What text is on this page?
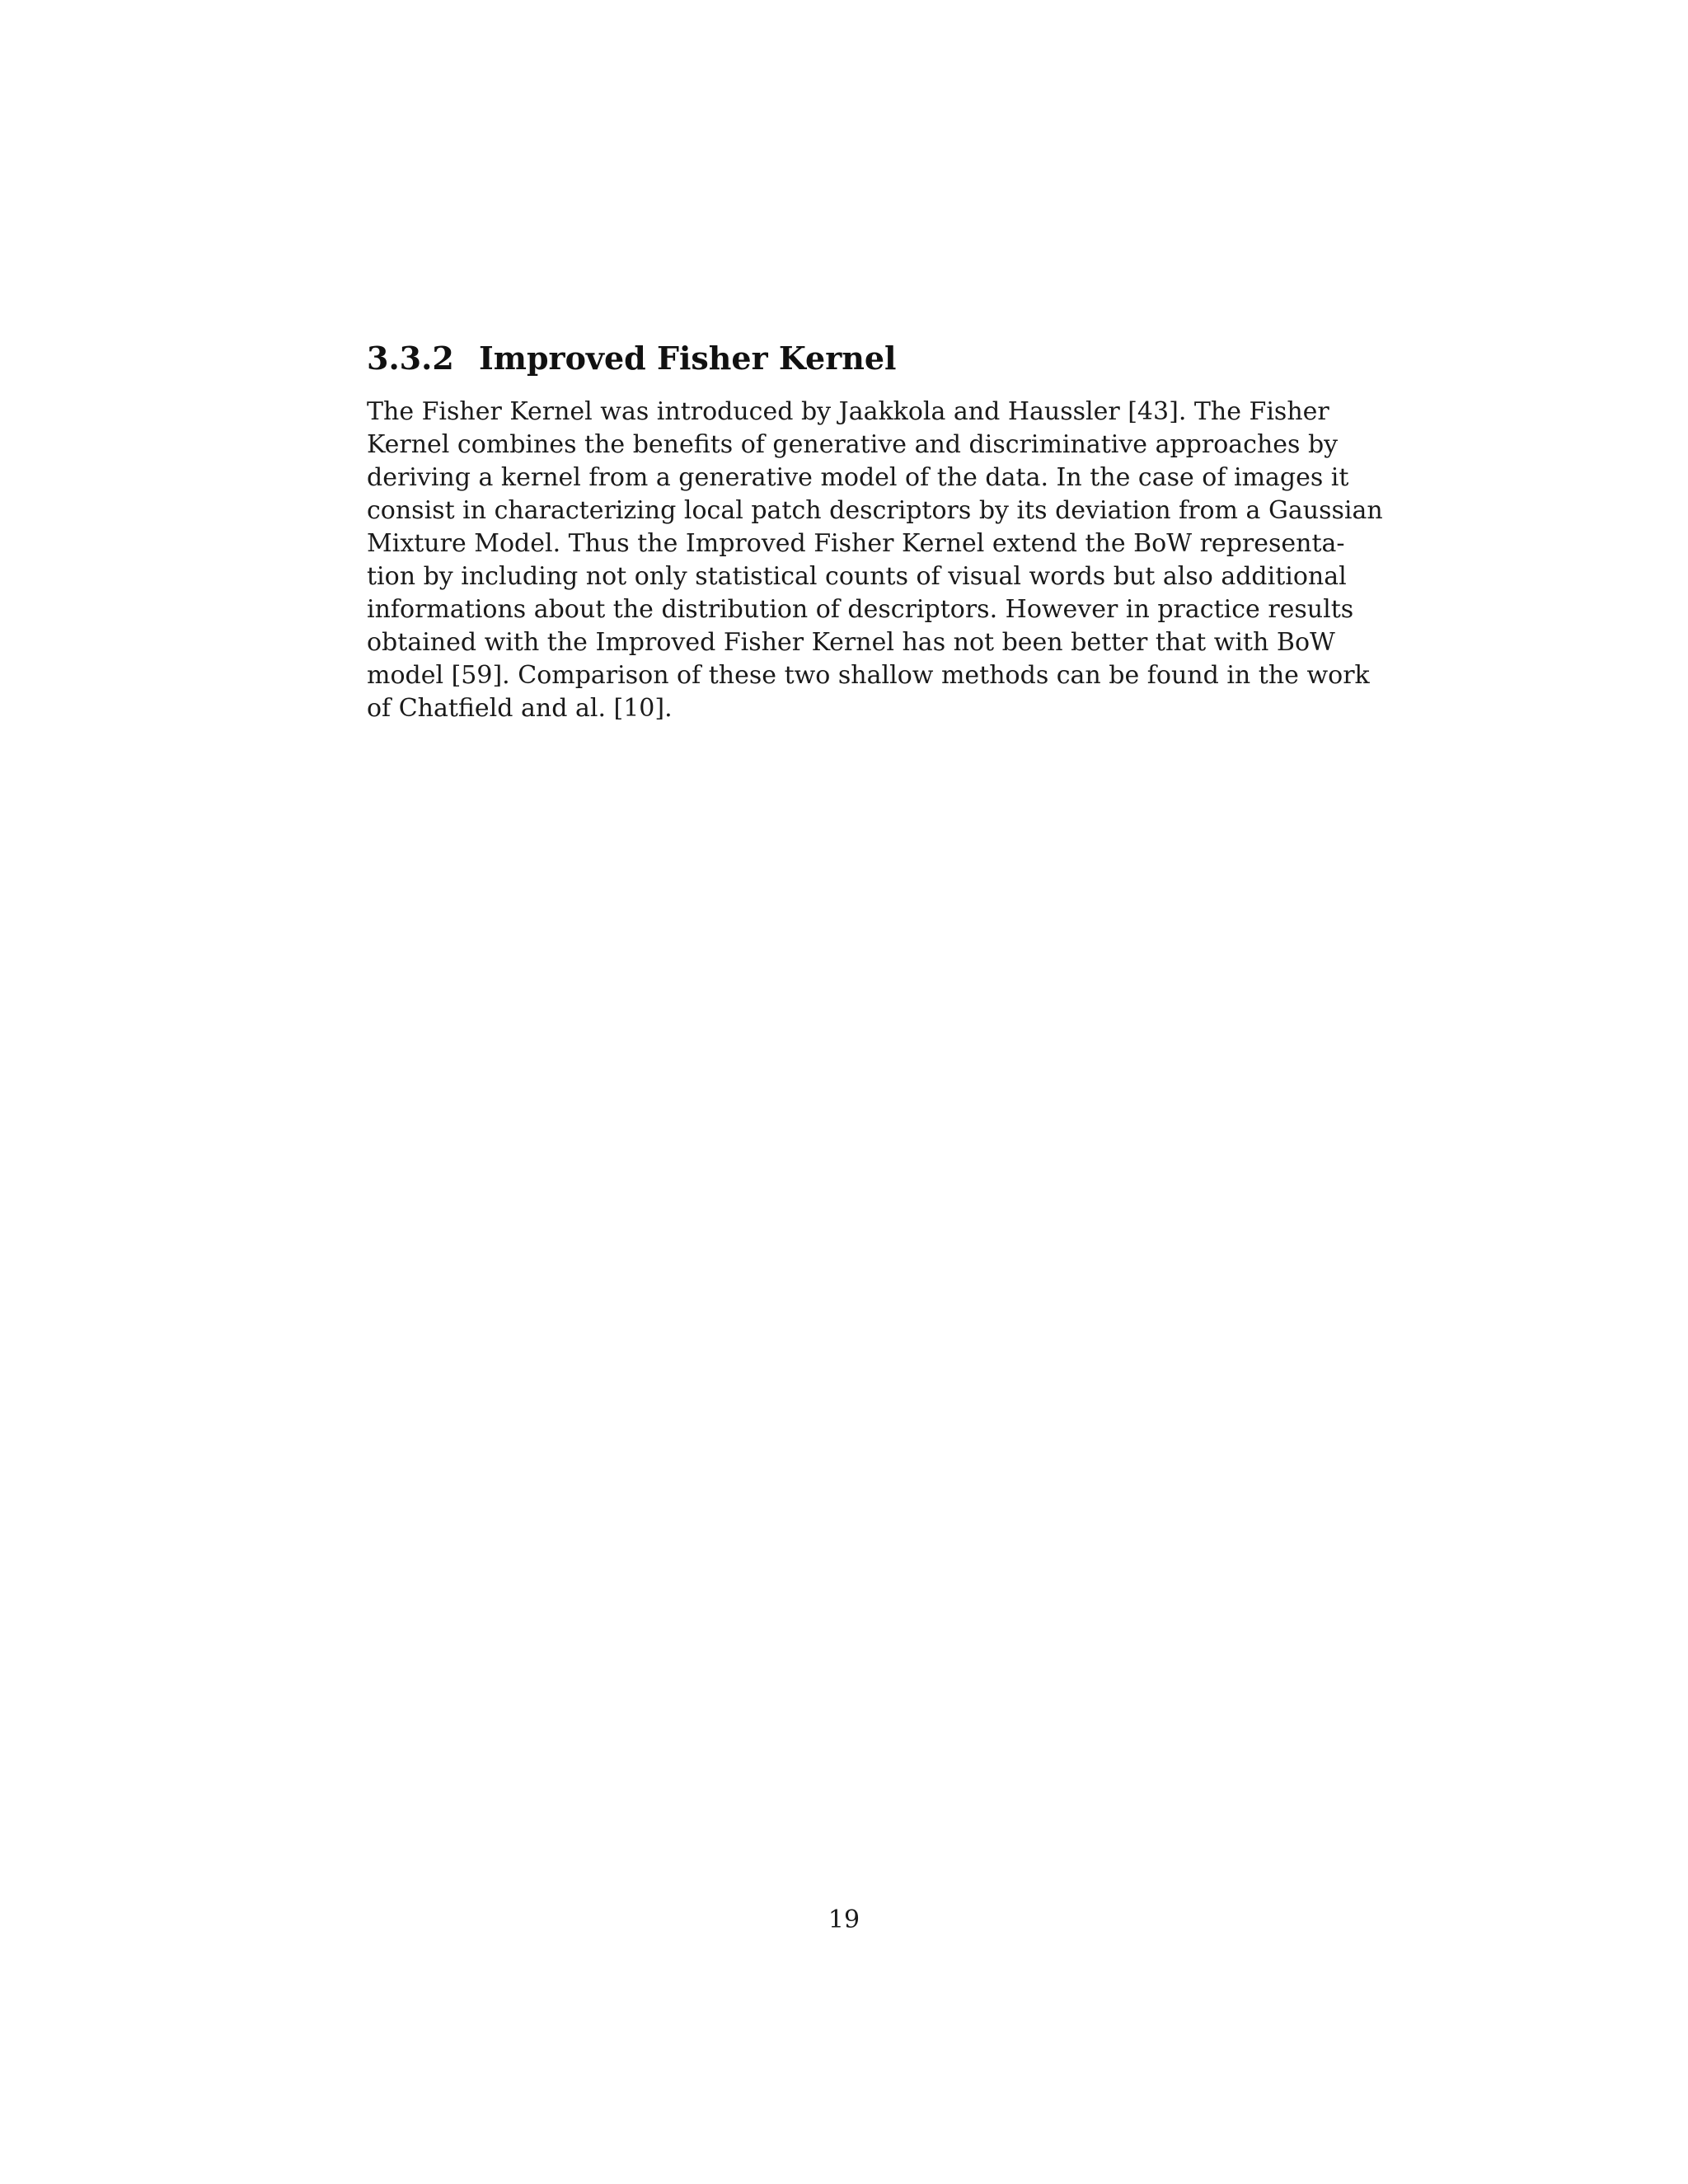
3.3.2 Improved Fisher Kernel
The Fisher Kernel was introduced by Jaakkola and Haussler [43]. The Fisher
Kernel combines the benefits of generative and discriminative approaches by
deriving a kernel from a generative model of the data. In the case of images it
consist in characterizing local patch descriptors by its deviation from a Gaussian
Mixture Model. Thus the Improved Fisher Kernel extend the BoW representa-
tion by including not only statistical counts of visual words but also additional
informations about the distribution of descriptors. However in practice results
obtained with the Improved Fisher Kernel has not been better that with BoW
model [59]. Comparison of these two shallow methods can be found in the work
of Chatfield and al. [10].
19
